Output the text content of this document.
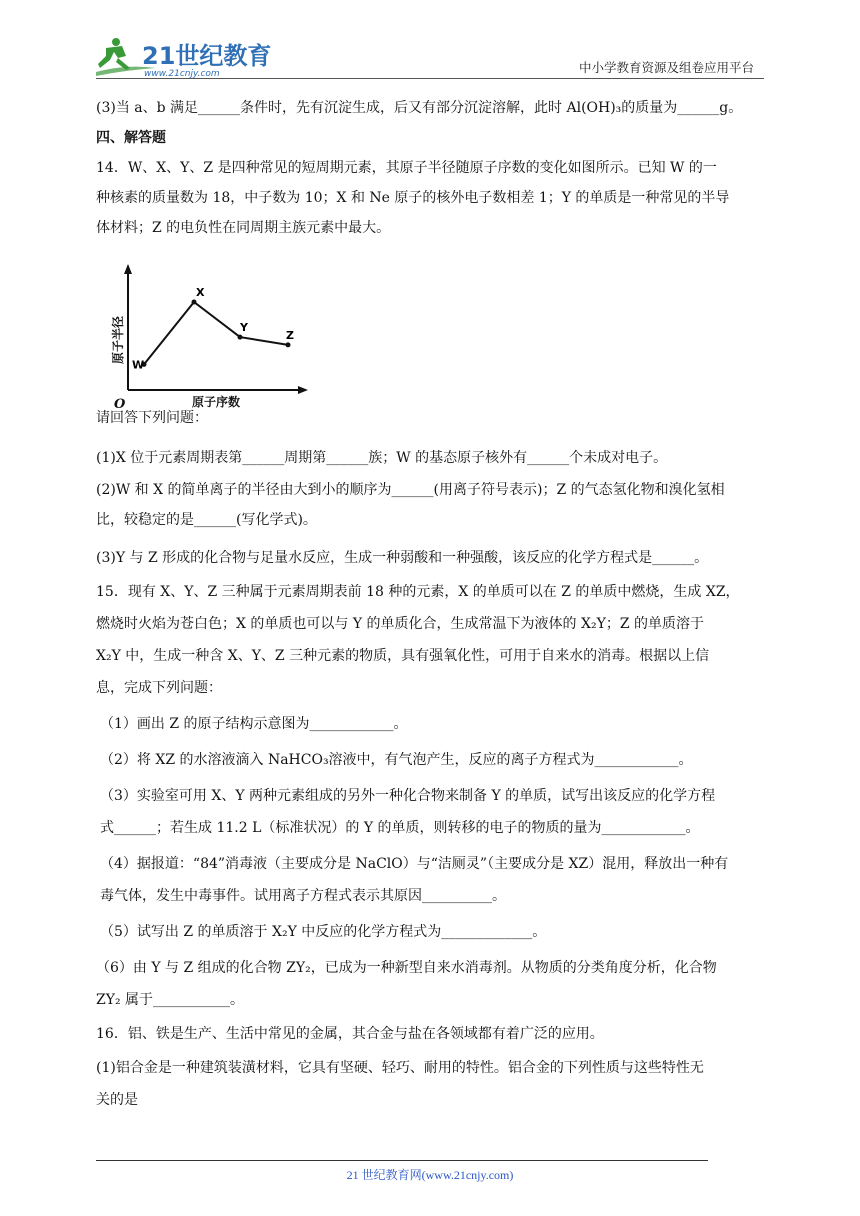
21世纪教育
www.21cnjy.com	中小学教育资源及组卷应用平台
(3)当 a、b 满足______条件时，先有沉淀生成，后又有部分沉淀溶解，此时 Al(OH)₃的质量为______g。
四、解答题
14．W、X、Y、Z 是四种常见的短周期元素，其原子半径随原子序数的变化如图所示。已知 W 的一
种核素的质量数为 18，中子数为 10；X 和 Ne 原子的核外电子数相差 1；Y 的单质是一种常见的半导
体材料；Z 的电负性在同周期主族元素中最大。
请回答下列问题：
(1)X 位于元素周期表第______周期第______族；W 的基态原子核外有______个未成对电子。
(2)W 和 X 的简单离子的半径由大到小的顺序为______(用离子符号表示)；Z 的气态氢化物和溴化氢相
比，较稳定的是______(写化学式)。
(3)Y 与 Z 形成的化合物与足量水反应，生成一种弱酸和一种强酸，该反应的化学方程式是______。
15．现有 X、Y、Z 三种属于元素周期表前 18 种的元素，X 的单质可以在 Z 的单质中燃烧，生成 XZ，
燃烧时火焰为苍白色；X 的单质也可以与 Y 的单质化合，生成常温下为液体的 X₂Y；Z 的单质溶于
X₂Y 中，生成一种含 X、Y、Z 三种元素的物质，具有强氧化性，可用于自来水的消毒。根据以上信
息，完成下列问题：
（1）画出 Z 的原子结构示意图为____________。
（2）将 XZ 的水溶液滴入 NaHCO₃溶液中，有气泡产生，反应的离子方程式为____________。
（3）实验室可用 X、Y 两种元素组成的另外一种化合物来制备 Y 的单质，试写出该反应的化学方程
式______；若生成 11.2 L（标准状况）的 Y 的单质，则转移的电子的物质的量为____________。
（4）据报道：“84”消毒液（主要成分是 NaClO）与“洁厕灵”（主要成分是 XZ）混用，释放出一种有
毒气体，发生中毒事件。试用离子方程式表示其原因__________。
（5）试写出 Z 的单质溶于 X₂Y 中反应的化学方程式为_____________。
（6）由 Y 与 Z 组成的化合物 ZY₂，已成为一种新型自来水消毒剂。从物质的分类角度分析，化合物
ZY₂ 属于___________。
16．铝、铁是生产、生活中常见的金属，其合金与盐在各领域都有着广泛的应用。
(1)铝合金是一种建筑装潢材料，它具有坚硬、轻巧、耐用的特性。铝合金的下列性质与这些特性无
关的是
O	原子序数
原子半径
W
X
Y
Z
21 世纪教育网(www.21cnjy.com)
